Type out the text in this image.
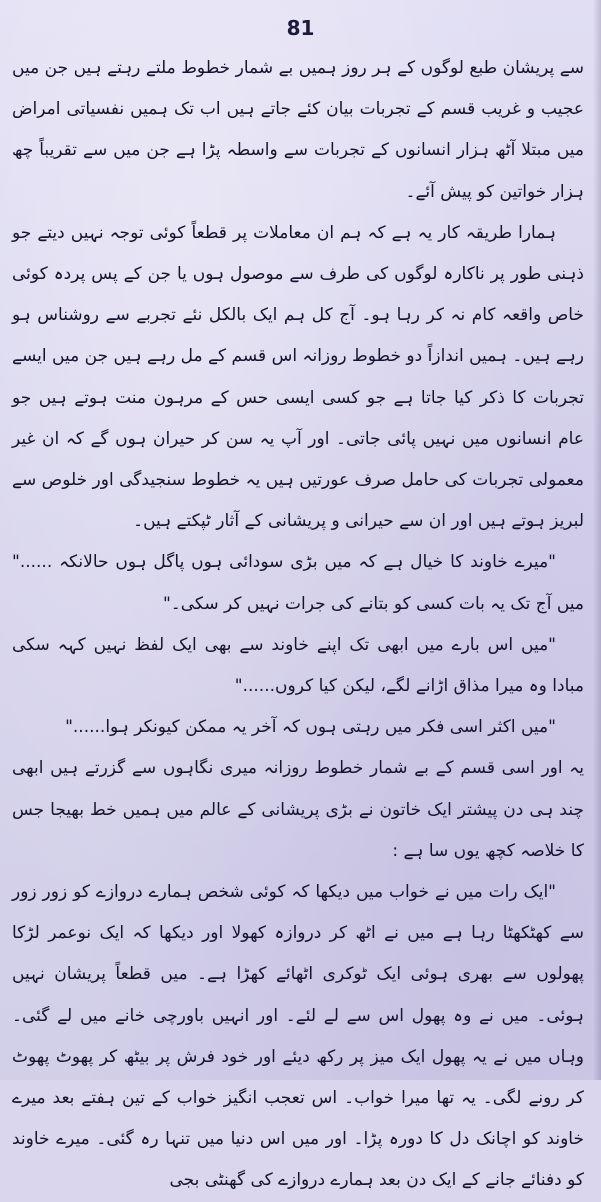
81

سے پریشان طبع لوگوں کے ہر روز ہمیں بے شمار خطوط ملتے رہتے ہیں جن میں عجیب و غریب قسم کے تجربات بیان کئے جاتے ہیں اب تک ہمیں نفسیاتی امراض میں مبتلا آٹھ ہزار انسانوں کے تجربات سے واسطہ پڑا ہے جن میں سے تقریباً چھ ہزار خواتین کو پیش آئے۔

ہمارا طریقہ کار یہ ہے کہ ہم ان معاملات پر قطعاً کوئی توجہ نہیں دیتے جو ذہنی طور پر ناکارہ لوگوں کی طرف سے موصول ہوں یا جن کے پس پردہ کوئی خاص واقعہ کام نہ کر رہا ہو۔ آج کل ہم ایک بالکل نئے تجربے سے روشناس ہو رہے ہیں۔ ہمیں اندازاً دو خطوط روزانہ اس قسم کے مل رہے ہیں جن میں ایسے تجربات کا ذکر کیا جاتا ہے جو کسی ایسی حس کے مرہون منت ہوتے ہیں جو عام انسانوں میں نہیں پائی جاتی۔ اور آپ یہ سن کر حیران ہوں گے کہ ان غیر معمولی تجربات کی حامل صرف عورتیں ہیں یہ خطوط سنجیدگی اور خلوص سے لبریز ہوتے ہیں اور ان سے حیرانی و پریشانی کے آثار ٹپکتے ہیں۔

"میرے خاوند کا خیال ہے کہ میں بڑی سودائی ہوں پاگل ہوں حالانکہ ......" میں آج تک یہ بات کسی کو بتانے کی جرات نہیں کر سکی۔"

"میں اس بارے میں ابھی تک اپنے خاوند سے بھی ایک لفظ نہیں کہہ سکی مبادا وہ میرا مذاق اڑانے لگے، لیکن کیا کروں......"

"میں اکثر اسی فکر میں رہتی ہوں کہ آخر یہ ممکن کیونکر ہوا......"

یہ اور اسی قسم کے بے شمار خطوط روزانہ میری نگاہوں سے گزرتے ہیں ابھی چند ہی دن پیشتر ایک خاتون نے بڑی پریشانی کے عالم میں ہمیں خط بھیجا جس کا خلاصہ کچھ یوں سا ہے :

"ایک رات میں نے خواب میں دیکھا کہ کوئی شخص ہمارے دروازے کو زور زور سے کھٹکھٹا رہا ہے میں نے اٹھ کر دروازہ کھولا اور دیکھا کہ ایک نوعمر لڑکا پھولوں سے بھری ہوئی ایک ٹوکری اٹھائے کھڑا ہے۔ میں قطعاً پریشان نہیں ہوئی۔ میں نے وہ پھول اس سے لے لئے۔ اور انہیں باورچی خانے میں لے گئی۔ وہاں میں نے یہ پھول ایک میز پر رکھ دیئے اور خود فرش پر بیٹھ کر پھوٹ پھوٹ کر رونے لگی۔ یہ تھا میرا خواب۔ اس تعجب انگیز خواب کے تین ہفتے بعد میرے خاوند کو اچانک دل کا دورہ پڑا۔ اور میں اس دنیا میں تنہا رہ گئی۔ میرے خاوند کو دفنائے جانے کے ایک دن بعد ہمارے دروازے کی گھنٹی بجی
